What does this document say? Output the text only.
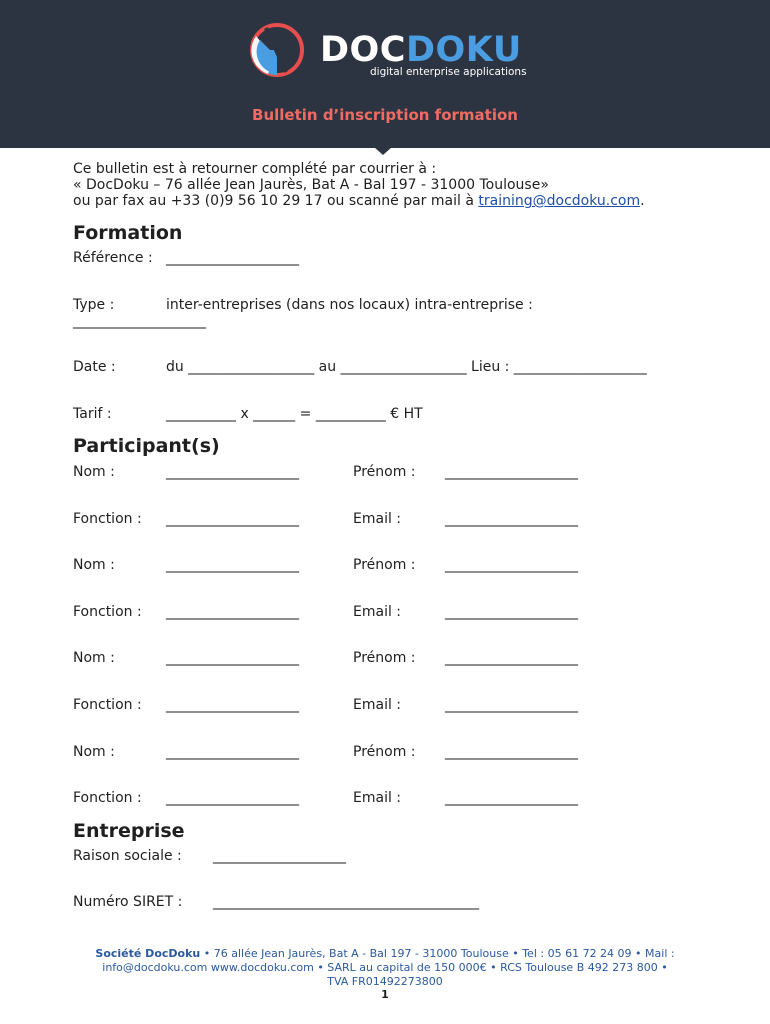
DOCDOKU
digital enterprise applications
Bulletin d’inscription formation
Ce bulletin est à retourner complété par courrier à :
« DocDoku – 76 allée Jean Jaurès, Bat A - Bal 197 - 31000 Toulouse»
ou par fax au +33 (0)9 56 10 29 17 ou scanné par mail à training@docdoku.com.
Formation
Référence : ___________________
Type :	inter-entreprises (dans nos locaux) intra-entreprise :
___________________
Date :	du __________________ au __________________ Lieu : ___________________
Tarif :	__________ x ______ = __________ € HT
Participant(s)
Nom :	___________________	Prénom : ___________________
Fonction : ___________________	Email :	___________________
Nom :	___________________	Prénom : ___________________
Fonction : ___________________	Email :	___________________
Nom :	___________________	Prénom : ___________________
Fonction : ___________________	Email :	___________________
Nom :	___________________	Prénom : ___________________
Fonction : ___________________	Email :	___________________
Entreprise
Raison sociale : ___________________
Numéro SIRET : ______________________________________
Société DocDoku • 76 allée Jean Jaurès, Bat A - Bal 197 - 31000 Toulouse • Tel : 05 61 72 24 09 • Mail :
info@docdoku.com www.docdoku.com • SARL au capital de 150 000€ • RCS Toulouse B 492 273 800 •
TVA FR01492273800
1
